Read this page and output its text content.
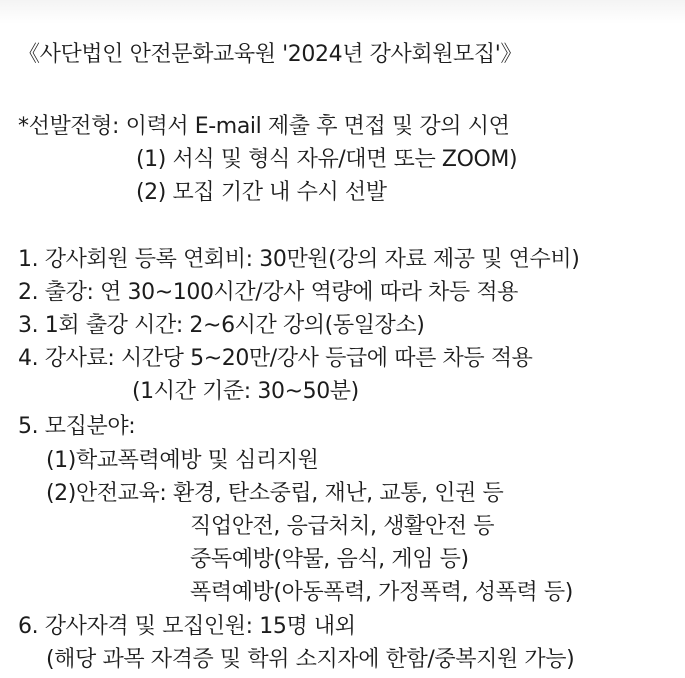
《사단법인 안전문화교육원 '2024년 강사회원모집'》
*선발전형: 이력서 E-mail 제출 후 면접 및 강의 시연
(1) 서식 및 형식 자유/대면 또는 ZOOM)
(2) 모집 기간 내 수시 선발
1. 강사회원 등록 연회비: 30만원(강의 자료 제공 및 연수비)
2. 출강: 연 30~100시간/강사 역량에 따라 차등 적용
3. 1회 출강 시간: 2~6시간 강의(동일장소)
4. 강사료: 시간당 5~20만/강사 등급에 따른 차등 적용
(1시간 기준: 30~50분)
5. 모집분야:
(1)학교폭력예방 및 심리지원
(2)안전교육: 환경, 탄소중립, 재난, 교통, 인권 등
직업안전, 응급처치, 생활안전 등
중독예방(약물, 음식, 게임 등)
폭력예방(아동폭력, 가정폭력, 성폭력 등)
6. 강사자격 및 모집인원: 15명 내외
(해당 과목 자격증 및 학위 소지자에 한함/중복지원 가능)
